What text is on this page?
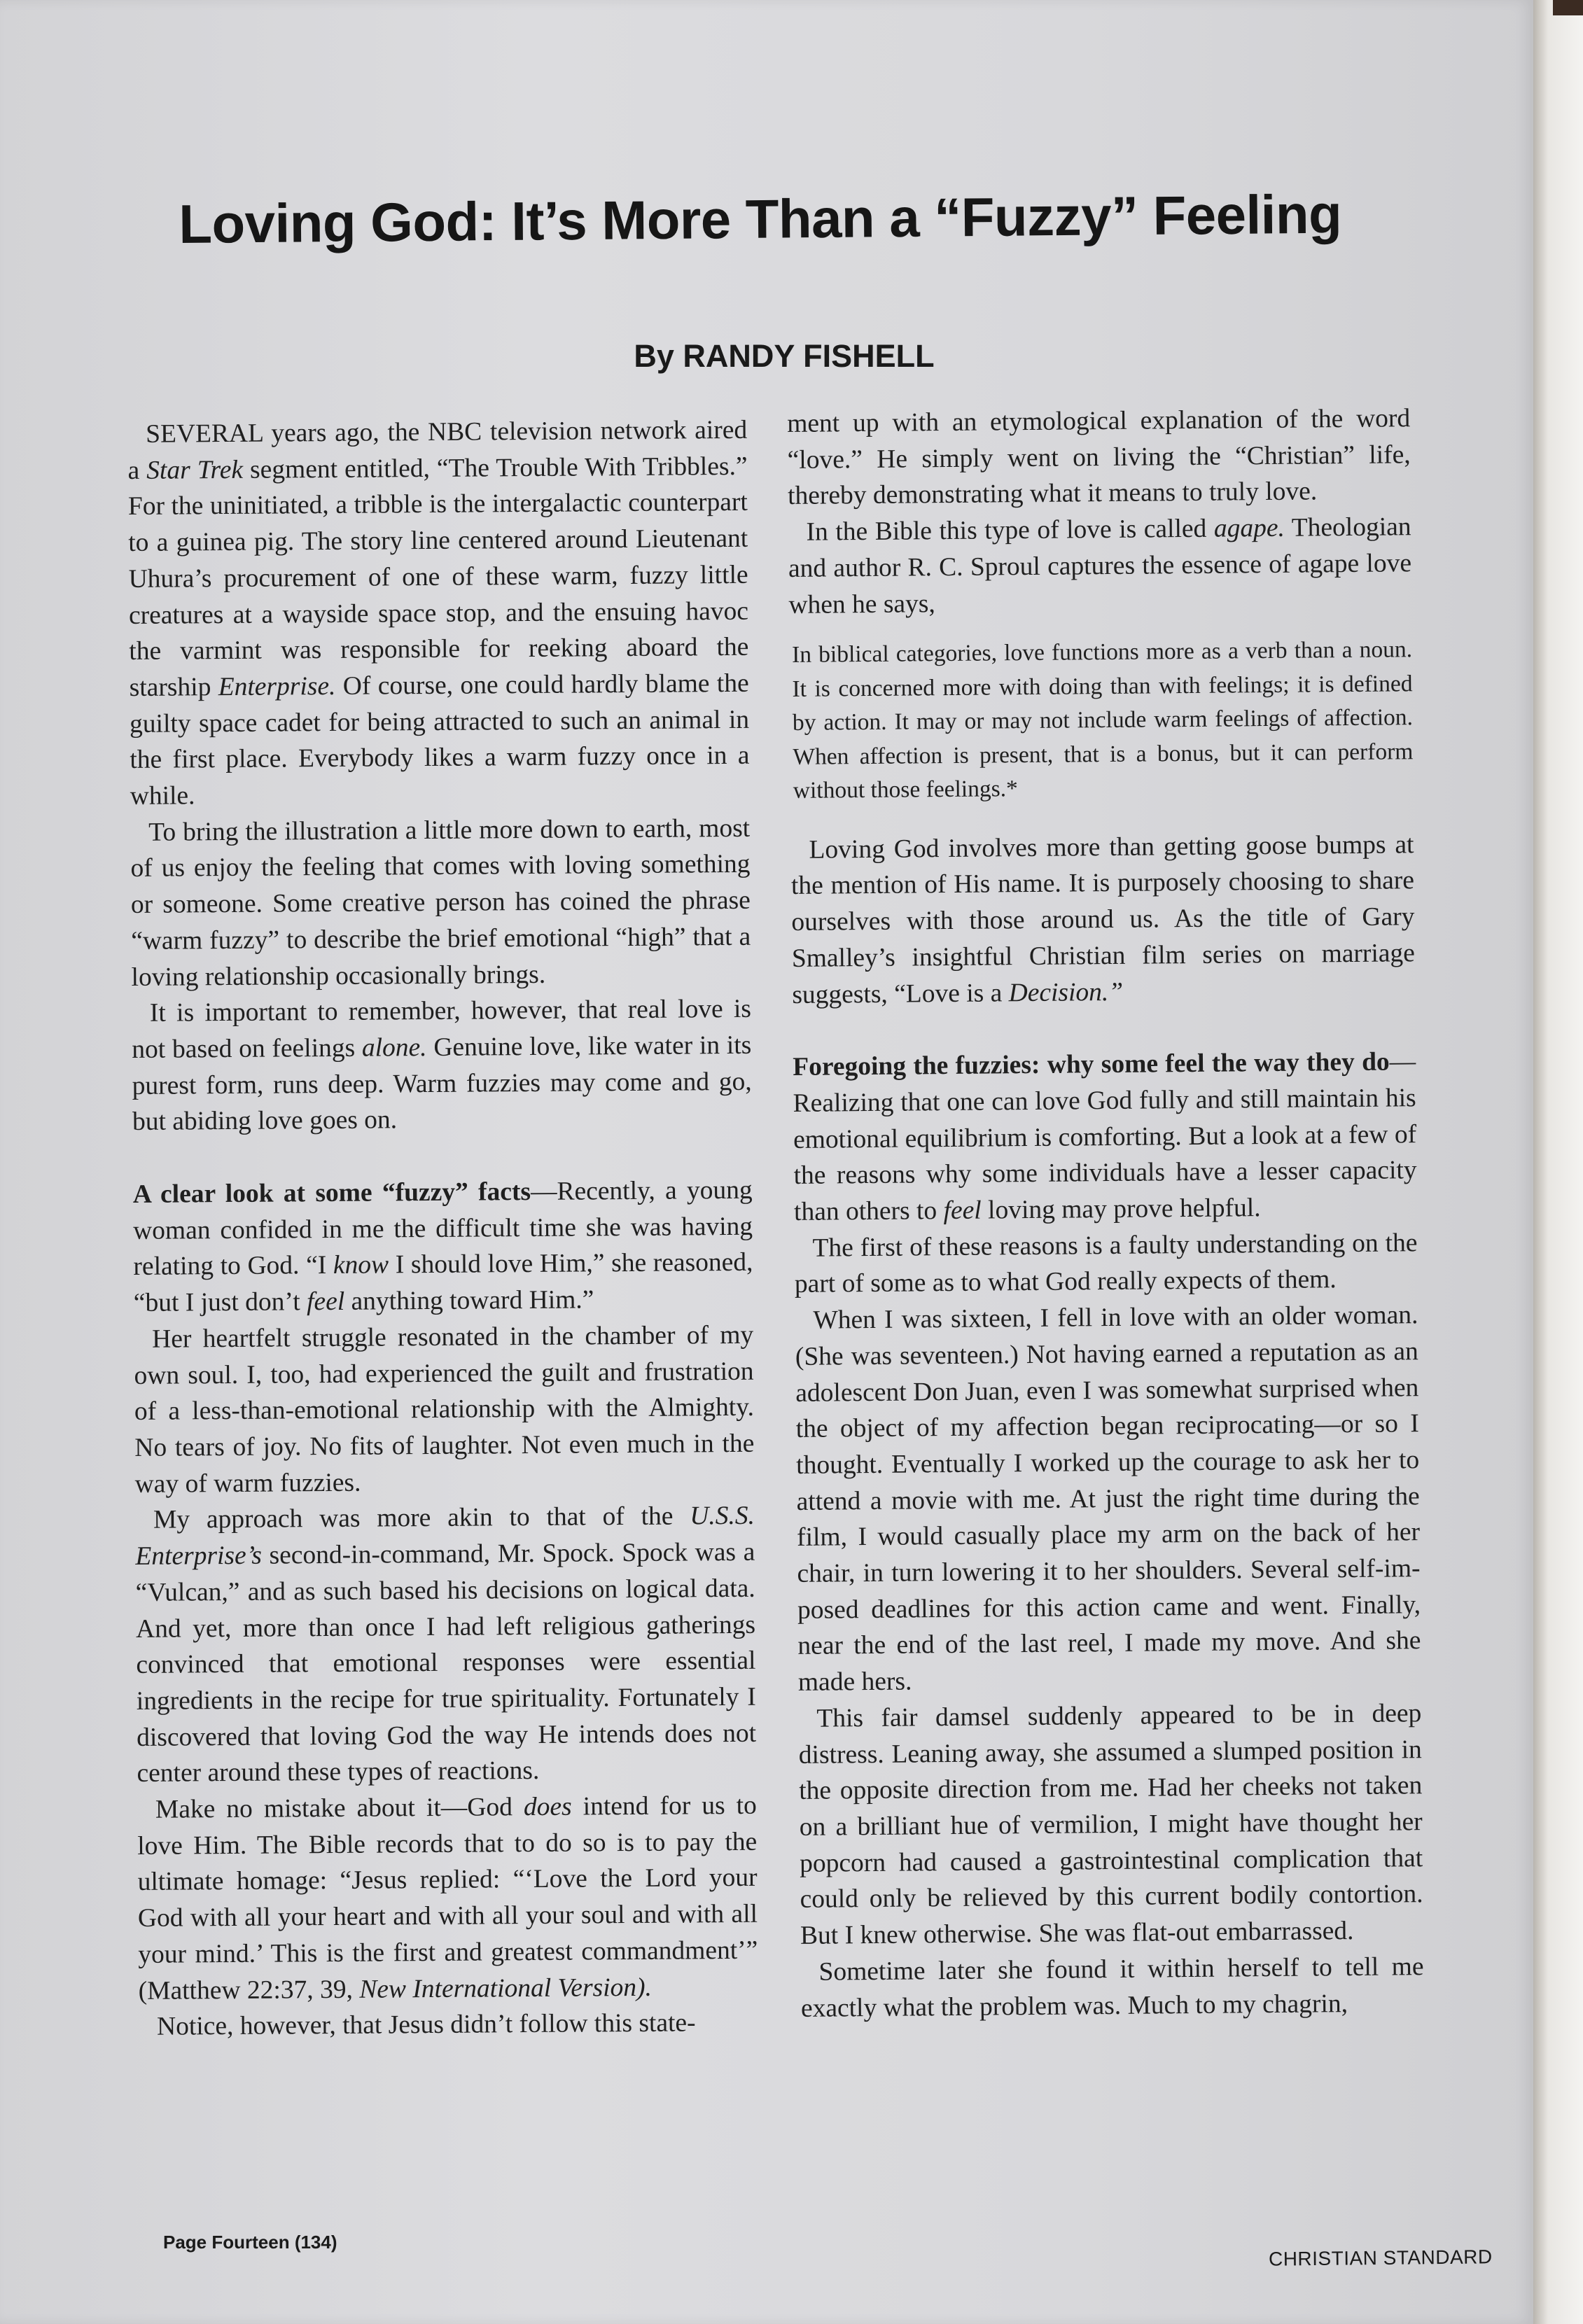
Loving God: It’s More Than a “Fuzzy” Feeling

By RANDY FISHELL

SEVERAL years ago, the NBC television network aired a Star Trek segment entitled, “The Trouble With Tribbles.” For the uninitiated, a tribble is the intergalactic counterpart to a guinea pig. The story line centered around Lieutenant Uhura’s procurement of one of these warm, fuzzy little creatures at a wayside space stop, and the ensuing havoc the varmint was responsible for reeking aboard the starship Enterprise. Of course, one could hardly blame the guilty space cadet for being attracted to such an animal in the first place. Everybody likes a warm fuzzy once in a while.

To bring the illustration a little more down to earth, most of us enjoy the feeling that comes with loving something or someone. Some creative person has coined the phrase “warm fuzzy” to describe the brief emotional “high” that a loving relationship occasionally brings.

It is important to remember, however, that real love is not based on feelings alone. Genuine love, like water in its purest form, runs deep. Warm fuzzies may come and go, but abiding love goes on.

A clear look at some “fuzzy” facts—Recently, a young woman confided in me the difficult time she was having relating to God. “I know I should love Him,” she reasoned, “but I just don’t feel anything toward Him.”

Her heartfelt struggle resonated in the chamber of my own soul. I, too, had experienced the guilt and frustration of a less-than-emotional relationship with the Almighty. No tears of joy. No fits of laughter. Not even much in the way of warm fuzzies.

My approach was more akin to that of the U.S.S. Enterprise’s second-in-command, Mr. Spock. Spock was a “Vulcan,” and as such based his decisions on logical data. And yet, more than once I had left religious gatherings convinced that emotional responses were essential ingredients in the recipe for true spirituality. Fortunately I discovered that loving God the way He intends does not center around these types of reactions.

Make no mistake about it—God does intend for us to love Him. The Bible records that to do so is to pay the ultimate homage: “Jesus replied: “‘Love the Lord your God with all your heart and with all your soul and with all your mind.’ This is the first and greatest commandment’” (Matthew 22:37, 39, New International Version).

Notice, however, that Jesus didn’t follow this state-

ment up with an etymological explanation of the word “love.” He simply went on living the “Christian” life, thereby demonstrating what it means to truly love.

In the Bible this type of love is called agape. Theologian and author R. C. Sproul captures the essence of agape love when he says,

In biblical categories, love functions more as a verb than a noun. It is concerned more with doing than with feelings; it is defined by action. It may or may not include warm feelings of affection. When affection is present, that is a bonus, but it can perform without those feelings.*

Loving God involves more than getting goose bumps at the mention of His name. It is purposely choosing to share ourselves with those around us. As the title of Gary Smalley’s insightful Christian film series on marriage suggests, “Love is a Decision.”

Foregoing the fuzzies: why some feel the way they do—Realizing that one can love God fully and still maintain his emotional equilibrium is comforting. But a look at a few of the reasons why some individuals have a lesser capacity than others to feel loving may prove helpful.

The first of these reasons is a faulty understanding on the part of some as to what God really expects of them.

When I was sixteen, I fell in love with an older woman. (She was seventeen.) Not having earned a reputation as an adolescent Don Juan, even I was somewhat surprised when the object of my affection began reciprocating—or so I thought. Eventually I worked up the courage to ask her to attend a movie with me. At just the right time during the film, I would casually place my arm on the back of her chair, in turn lowering it to her shoulders. Several self-imposed deadlines for this action came and went. Finally, near the end of the last reel, I made my move. And she made hers.

This fair damsel suddenly appeared to be in deep distress. Leaning away, she assumed a slumped position in the opposite direction from me. Had her cheeks not taken on a brilliant hue of vermilion, I might have thought her popcorn had caused a gastrointestinal complication that could only be relieved by this current bodily contortion. But I knew otherwise. She was flat-out embarrassed.

Sometime later she found it within herself to tell me exactly what the problem was. Much to my chagrin,

Page Fourteen (134)

CHRISTIAN STANDARD
